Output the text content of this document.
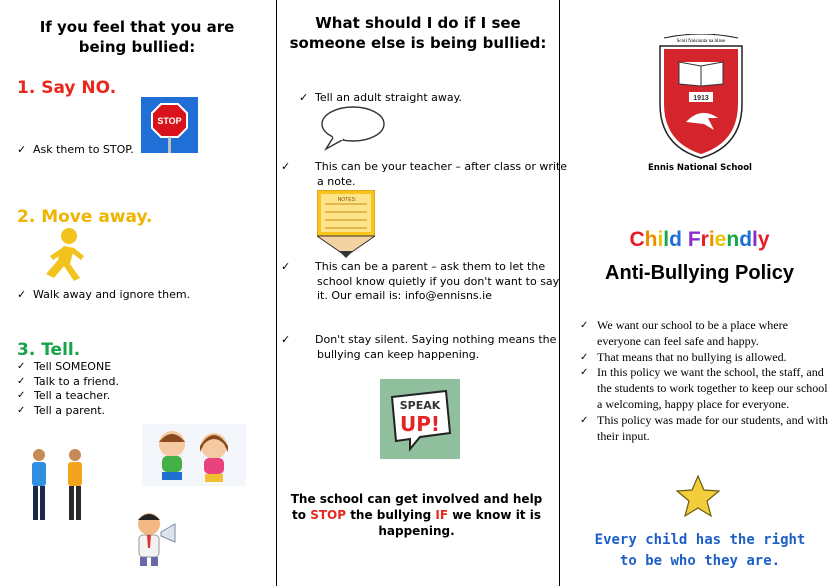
If you feel that you are being bullied:
1. Say NO.
✓ Ask them to STOP.
STOP
2. Move away.
✓ Walk away and ignore them.
3. Tell.
✓ Tell SOMEONE
✓ Talk to a friend.
✓ Tell a teacher.
✓ Tell a parent.
What should I do if I see someone else is being bullied:
✓ Tell an adult straight away.
✓ This can be your teacher – after class or write a note.
NOTES:
✓ This can be a parent – ask them to let the school know quietly if you don't want to say it. Our email is: info@ennisns.ie
✓ Don't stay silent. Saying nothing means the bullying can keep happening.
SPEAK
UP!
The school can get involved and help to STOP the bullying IF we know it is happening.
Scoil Naisiunta na hInse
1913
Ennis National School
Child Friendly
Anti-Bullying Policy
✓ We want our school to be a place where everyone can feel safe and happy.
✓ That means that no bullying is allowed.
✓ In this policy we want the school, the staff, and the students to work together to keep our school a welcoming, happy place for everyone.
✓ This policy was made for our students, and with their input.
Every child has the right to be who they are.
